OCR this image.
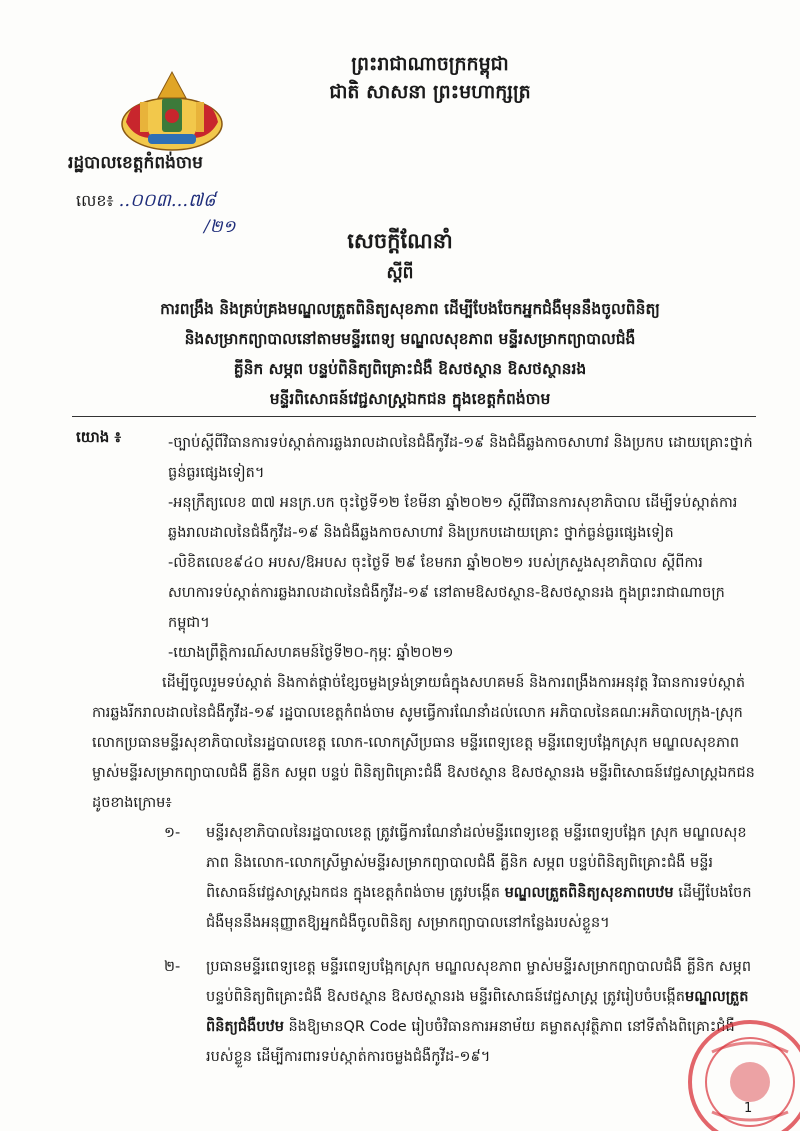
ព្រះរាជាណាចក្រកម្ពុជា
ជាតិ សាសនា ព្រះមហាក្សត្រ
រដ្ឋបាលខេត្តកំពង់ចាម
លេខ៖ ..០០៣...៧៨
/២១
សេចក្តីណែនាំ
ស្តីពី
ការពង្រឹង និងគ្រប់គ្រងមណ្ឌលត្រួតពិនិត្យសុខភាព ដើម្បីបែងចែកអ្នកជំងឺមុននឹងចូលពិនិត្យ
និងសម្រាកព្យាបាលនៅតាមមន្ទីរពេទ្យ មណ្ឌលសុខភាព មន្ទីរសម្រាកព្យាបាលជំងឺ
គ្លីនិក សម្ភព បន្ទប់ពិនិត្យពិគ្រោះជំងឺ ឱសថស្ថាន ឱសថស្ថានរង
មន្ទីរពិសោធន៍វេជ្ជសាស្ត្រឯកជន ក្នុងខេត្តកំពង់ចាម
យោង ៖	-ច្បាប់ស្តីពីវិធានការទប់ស្កាត់ការឆ្លងរាលដាលនៃជំងឺកូវីដ-១៩ និងជំងឺឆ្លងកាចសាហាវ និងប្រកប ដោយគ្រោះថ្នាក់ធ្ងន់ធ្ងរផ្សេងទៀត។

-អនុក្រឹត្យលេខ ៣៧ អនក្រ.បក ចុះថ្ងៃទី១២ ខែមីនា ឆ្នាំ២០២១ ស្តីពីវិធានការសុខាភិបាល ដើម្បីទប់ស្កាត់ការឆ្លងរាលដាលនៃជំងឺកូវីដ-១៩ និងជំងឺឆ្លងកាចសាហាវ និងប្រកបដោយគ្រោះ ថ្នាក់ធ្ងន់ធ្ងរផ្សេងទៀត

-លិខិតលេខ៩៤០ អបស/ឱអបស ចុះថ្ងៃទី ២៩ ខែមករា ឆ្នាំ២០២១ របស់ក្រសួងសុខាភិបាល ស្តីពីការសហការទប់ស្កាត់ការឆ្លងរាលដាលនៃជំងឺកូវីដ-១៩ នៅតាមឱសថស្ថាន-ឱសថស្ថានរង ក្នុងព្រះរាជាណាចក្រកម្ពុជា។

-យោងព្រឹត្តិការណ៍សហគមន៍ថ្ងៃទី២០-កុម្ភៈ ឆ្នាំ២០២១

ដើម្បីចូលរួមទប់ស្កាត់ និងកាត់ផ្តាច់ខ្សែចម្លងទ្រង់ទ្រាយធំក្នុងសហគមន៍ និងការពង្រឹងការអនុវត្ត វិធានការទប់ស្កាត់ការឆ្លងរីករាលដាលនៃជំងឺកូវីដ-១៩ រដ្ឋបាលខេត្តកំពង់ចាម សូមធ្វើការណែនាំដល់លោក អភិបាលនៃគណៈអភិបាលក្រុង-ស្រុក លោកប្រធានមន្ទីរសុខាភិបាលនៃរដ្ឋបាលខេត្ត លោក-លោកស្រីប្រធាន មន្ទីរពេទ្យខេត្ត មន្ទីរពេទ្យបង្អែកស្រុក មណ្ឌលសុខភាព ម្ចាស់មន្ទីរសម្រាកព្យាបាលជំងឺ គ្លីនិក សម្ភព បន្ទប់ ពិនិត្យពិគ្រោះជំងឺ ឱសថស្ថាន ឱសថស្ថានរង មន្ទីរពិសោធន៍វេជ្ជសាស្ត្រឯកជន ដូចខាងក្រោម៖
១- មន្ទីរសុខាភិបាលនៃរដ្ឋបាលខេត្ត ត្រូវធ្វើការណែនាំដល់មន្ទីរពេទ្យខេត្ត មន្ទីរពេទ្យបង្អែក ស្រុក មណ្ឌលសុខភាព និងលោក-លោកស្រីម្ចាស់មន្ទីរសម្រាកព្យាបាលជំងឺ គ្លីនិក សម្ភព បន្ទប់ពិនិត្យពិគ្រោះជំងឺ មន្ទីរពិសោធន៍វេជ្ជសាស្ត្រឯកជន ក្នុងខេត្តកំពង់ចាម ត្រូវបង្កើត មណ្ឌលត្រួតពិនិត្យសុខភាពបឋម ដើម្បីបែងចែកជំងឺមុននឹងអនុញ្ញាតឱ្យអ្នកជំងឺចូលពិនិត្យ សម្រាកព្យាបាលនៅកន្លែងរបស់ខ្លួន។
២- ប្រធានមន្ទីរពេទ្យខេត្ត មន្ទីរពេទ្យបង្អែកស្រុក មណ្ឌលសុខភាព ម្ចាស់មន្ទីរសម្រាកព្យាបាលជំងឺ គ្លីនិក សម្ភព បន្ទប់ពិនិត្យពិគ្រោះជំងឺ ឱសថស្ថាន ឱសថស្ថានរង មន្ទីរពិសោធន៍វេជ្ជសាស្ត្រ ត្រូវរៀបចំបង្កើតមណ្ឌលត្រួតពិនិត្យជំងឺបឋម និងឱ្យមានQR Code រៀបចំវិធានការអនាម័យ គម្លាតសុវត្ថិភាព នៅទីតាំងពិគ្រោះជំងឺរបស់ខ្លួន ដើម្បីការពារទប់ស្កាត់ការចម្លងជំងឺកូវីដ-១៩។
1
